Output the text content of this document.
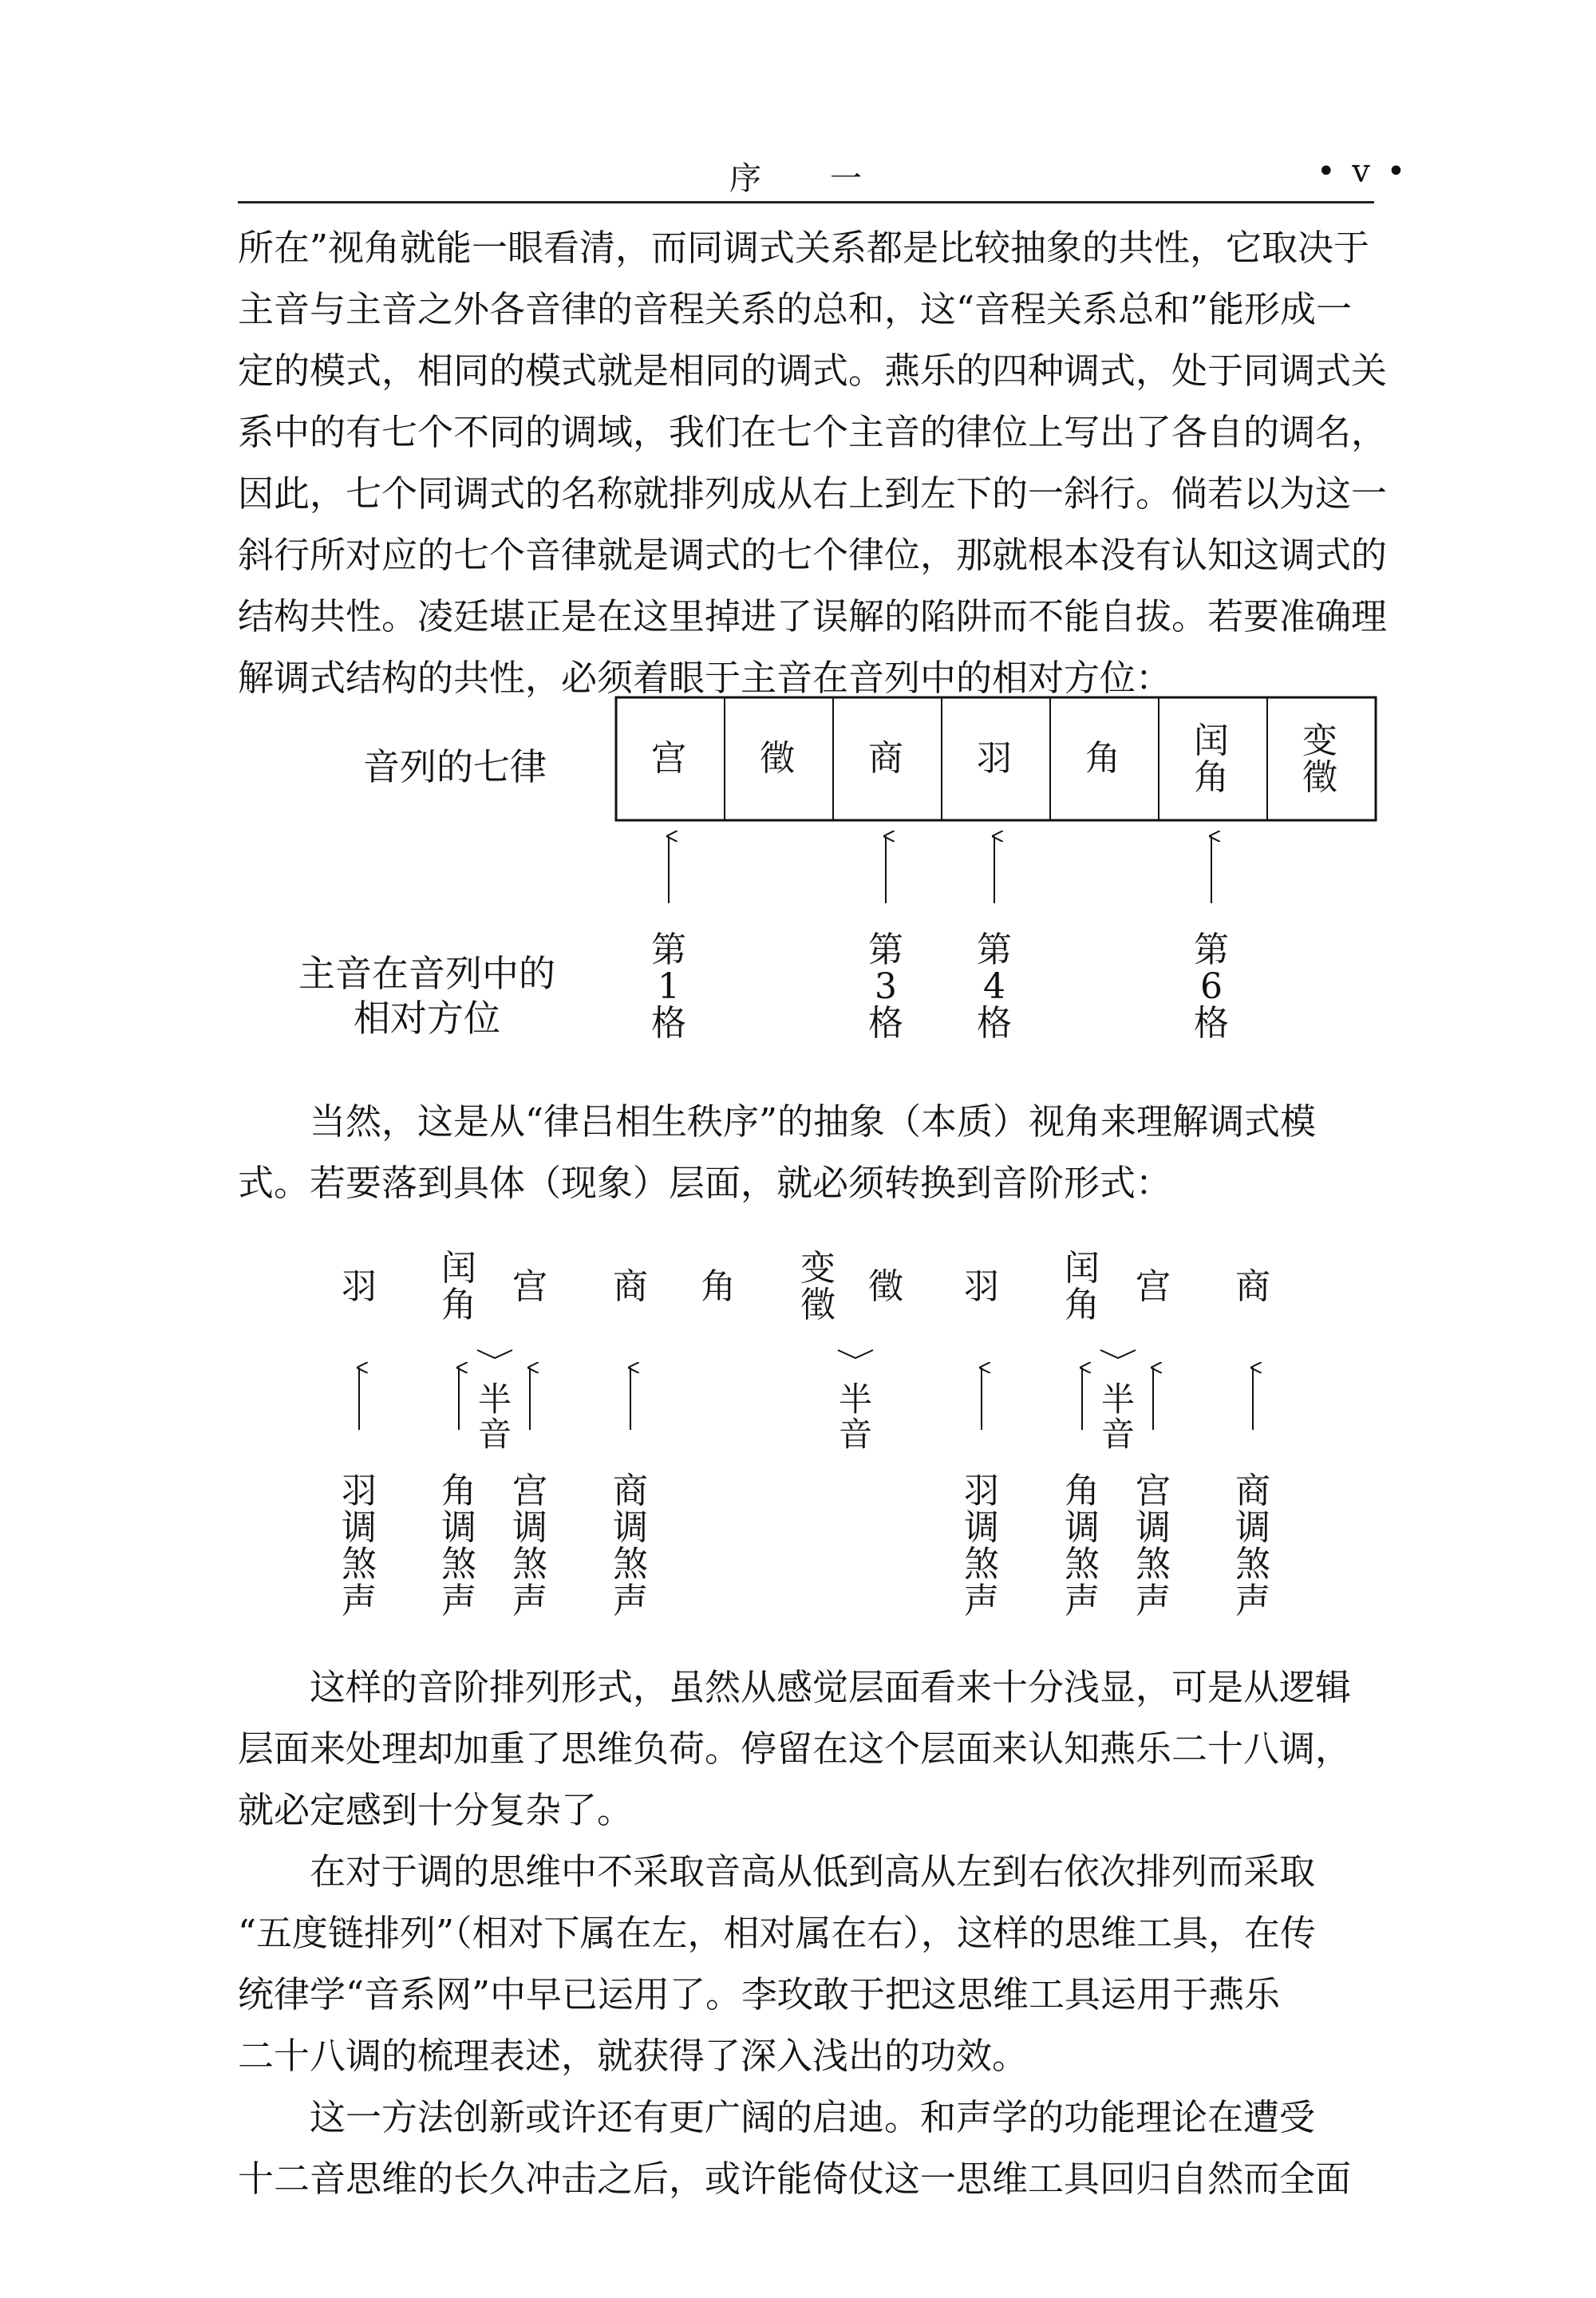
序 一	• v •
所在”视角就能一眼看清，而同调式关系都是比较抽象的共性，它取决于
主音与主音之外各音律的音程关系的总和，这“音程关系总和”能形成一
定的模式，相同的模式就是相同的调式。燕乐的四种调式，处于同调式关
系中的有七个不同的调域，我们在七个主音的律位上写出了各自的调名，
因此，七个同调式的名称就排列成从右上到左下的一斜行。倘若以为这一
斜行所对应的七个音律就是调式的七个律位，那就根本没有认知这调式的
结构共性。凌廷堪正是在这里掉进了误解的陷阱而不能自拔。若要准确理
解调式结构的共性，必须着眼于主音在音列中的相对方位：
音列的七律	宫 徵 商 羽 角 闰
角
变
徵
主音在音列中的
相对方位
第
1
格
第
3
格
第
4
格
第
6
格
当然，这是从“律吕相生秩序”的抽象（本质）视角来理解调式模
式。若要落到具体（现象）层面，就必须转换到音阶形式：
羽 闰
角 宫 商 角 变
徵 徵 羽 闰
角 宫 商
半音
半音
半音
羽
调
煞
声
角
调
煞
声
宫
调
煞
声
商
调
煞
声
羽
调
煞
声
角
调
煞
声
宫
调
煞
声
商
调
煞
声
这样的音阶排列形式，虽然从感觉层面看来十分浅显，可是从逻辑
层面来处理却加重了思维负荷。停留在这个层面来认知燕乐二十八调，
就必定感到十分复杂了。
在对于调的思维中不采取音高从低到高从左到右依次排列而采取
“五度链排列”（相对下属在左，相对属在右），这样的思维工具，在传
统律学“音系网”中早已运用了。李玫敢于把这思维工具运用于燕乐
二十八调的梳理表述，就获得了深入浅出的功效。
这一方法创新或许还有更广阔的启迪。和声学的功能理论在遭受
十二音思维的长久冲击之后，或许能倚仗这一思维工具回归自然而全面
